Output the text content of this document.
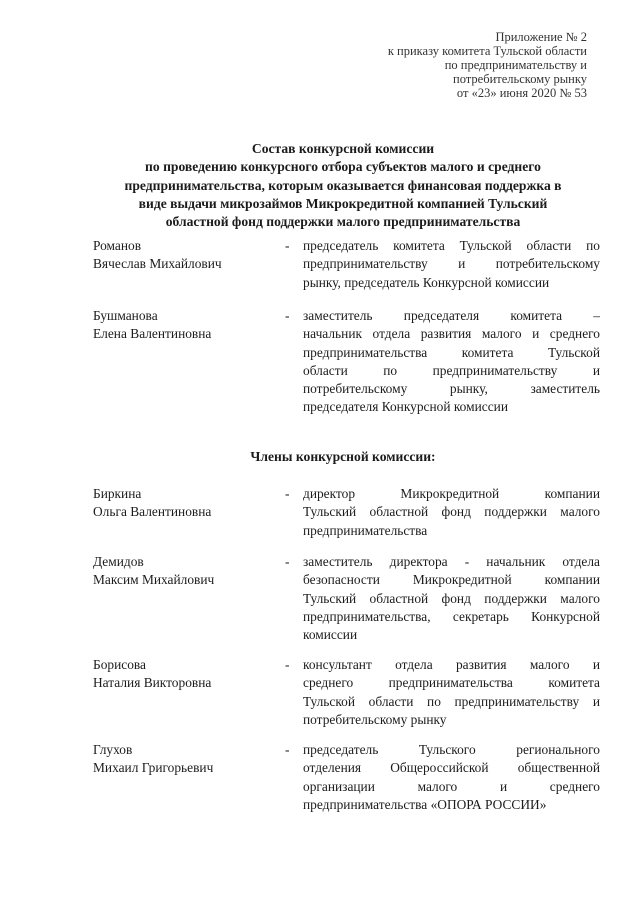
Приложение № 2
к приказу комитета Тульской области
по предпринимательству и
потребительскому рынку
от «23» июня 2020 № 53
Состав конкурсной комиссии
по проведению конкурсного отбора субъектов малого и среднего
предпринимательства, которым оказывается финансовая поддержка в
виде выдачи микрозаймов Микрокредитной компанией Тульский
областной фонд поддержки малого предпринимательства
Романов
Вячеслав Михайлович
- председатель комитета Тульской области по
предпринимательству и потребительскому
рынку, председатель Конкурсной комиссии
Бушманова
Елена Валентиновна
- заместитель председателя комитета –
начальник отдела развития малого и среднего
предпринимательства комитета Тульской
области по предпринимательству и
потребительскому рынку, заместитель
председателя Конкурсной комиссии
Члены конкурсной комиссии:
Биркина
Ольга Валентиновна
- директор Микрокредитной компании
Тульский областной фонд поддержки малого
предпринимательства
Демидов
Максим Михайлович
- заместитель директора - начальник отдела
безопасности Микрокредитной компании
Тульский областной фонд поддержки малого
предпринимательства, секретарь Конкурсной
комиссии
Борисова
Наталия Викторовна
- консультант отдела развития малого и
среднего предпринимательства комитета
Тульской области по предпринимательству и
потребительскому рынку
Глухов
Михаил Григорьевич
- председатель Тульского регионального
отделения Общероссийской общественной
организации малого и среднего
предпринимательства «ОПОРА РОССИИ»
